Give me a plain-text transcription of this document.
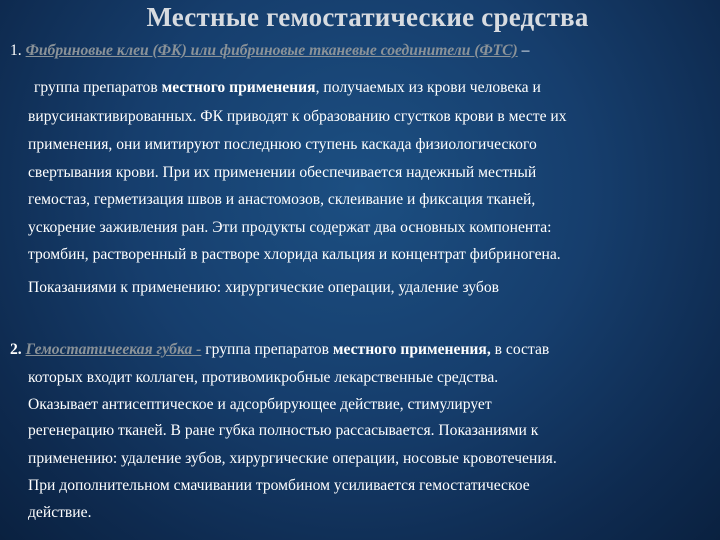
Местные гемостатические средства
1. Фибриновые клеи (ФК) или фибриновые тканевые соединители (ФТС) –
группа препаратов местного применения, получаемых из крови человека и
вирусинактивированных. ФК приводят к образованию сгустков крови в месте их
применения, они имитируют последнюю ступень каскада физиологического
свертывания крови. При их применении обеспечивается надежный местный
гемостаз, герметизация швов и анастомозов, склеивание и фиксация тканей,
ускорение заживления ран. Эти продукты содержат два основных компонента:
тромбин, растворенный в растворе хлорида кальция и концентрат фибриногена.
Показаниями к применению: хирургические операции, удаление зубов
2. Гемостатичеекая губка - группа препаратов местного применения, в состав
которых входит коллаген, противомикробные лекарственные средства.
Оказывает антисептическое и адсорбирующее действие, стимулирует
регенерацию тканей. В ране губка полностью рассасывается. Показаниями к
применению: удаление зубов, хирургические операции, носовые кровотечения.
При дополнительном смачивании тромбином усиливается гемостатическое
действие.
